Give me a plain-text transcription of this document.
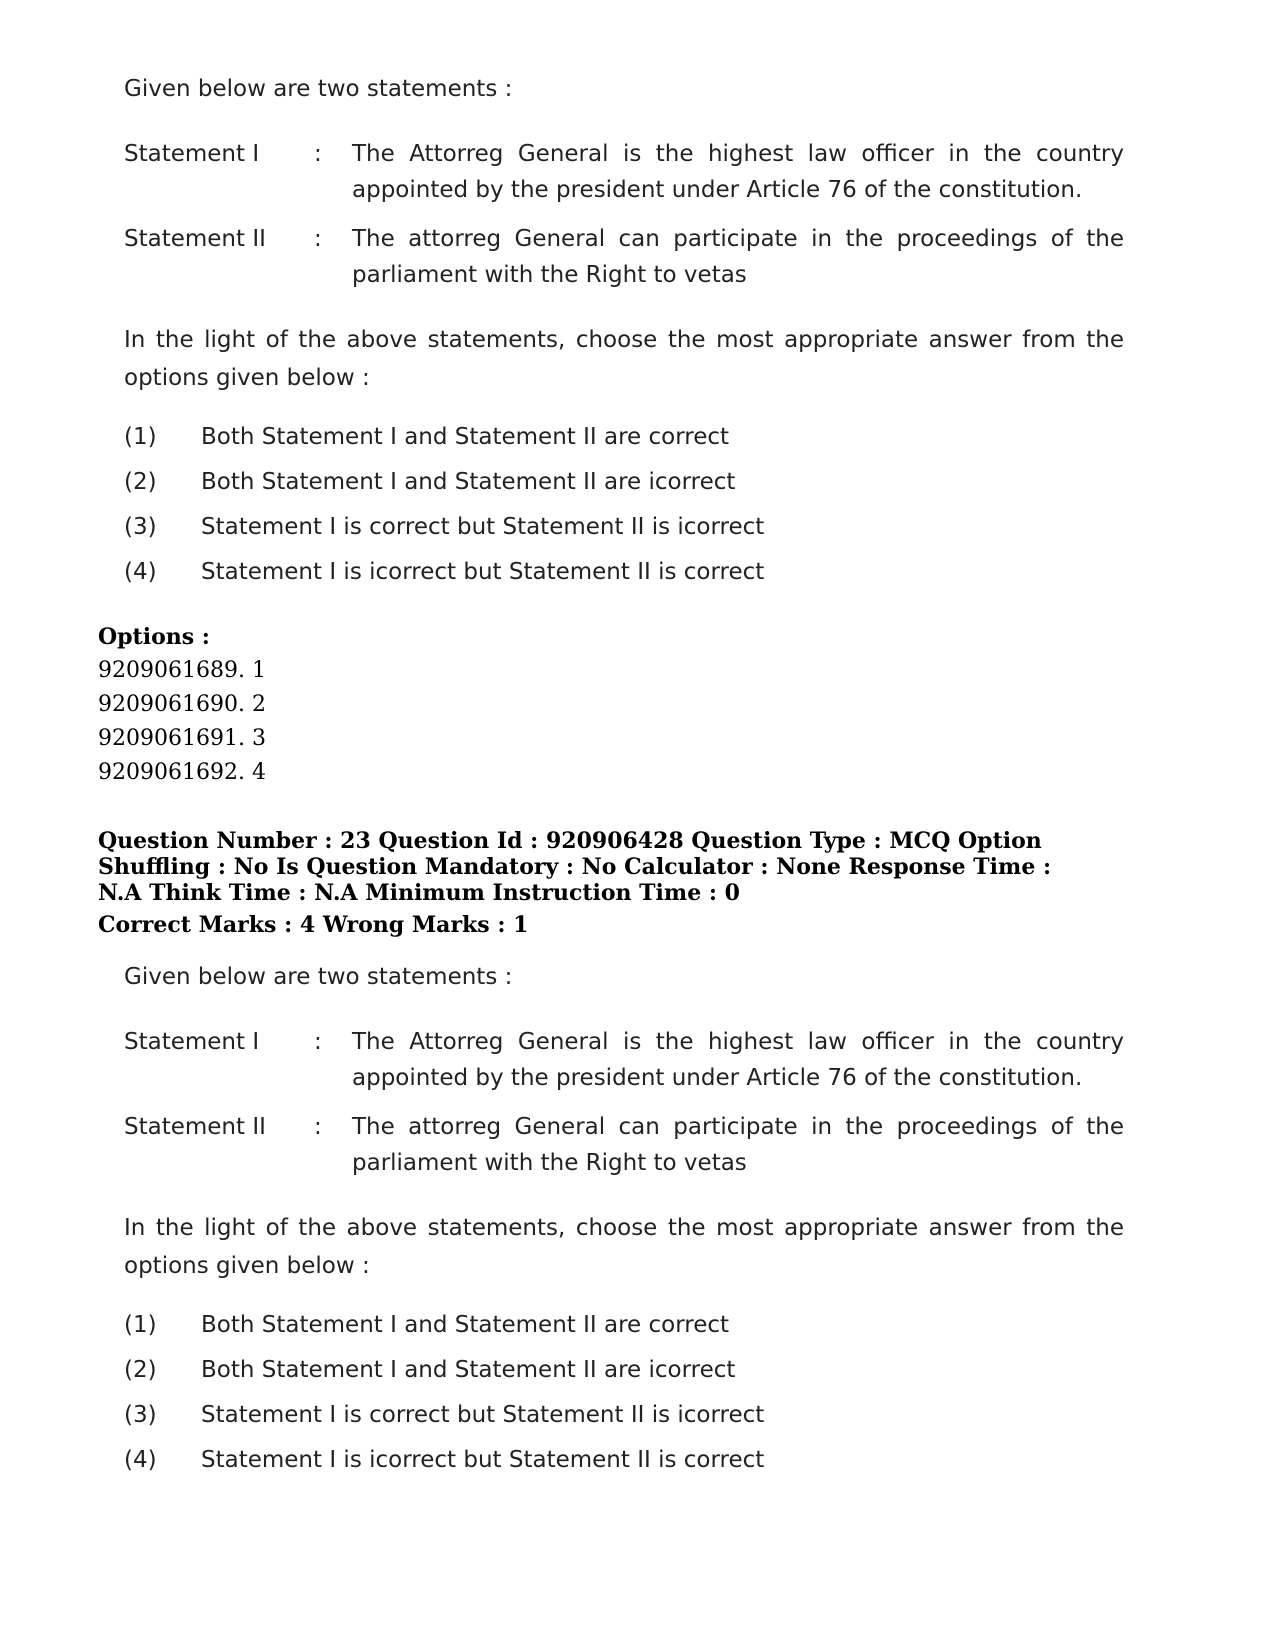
Given below are two statements :
Statement I	:	The Attorreg General is the highest law officer in the country appointed by the president under Article 76 of the constitution.
Statement II	:	The attorreg General can participate in the proceedings of the parliament with the Right to vetas
In the light of the above statements, choose the most appropriate answer from the options given below :
(1)	Both Statement I and Statement II are correct
(2)	Both Statement I and Statement II are icorrect
(3)	Statement I is correct but Statement II is icorrect
(4)	Statement I is icorrect but Statement II is correct
Options :
9209061689. 1
9209061690. 2
9209061691. 3
9209061692. 4
Question Number : 23 Question Id : 920906428 Question Type : MCQ Option Shuffling : No Is Question Mandatory : No Calculator : None Response Time : N.A Think Time : N.A Minimum Instruction Time : 0
Correct Marks : 4 Wrong Marks : 1
Given below are two statements :
Statement I	:	The Attorreg General is the highest law officer in the country appointed by the president under Article 76 of the constitution.
Statement II	:	The attorreg General can participate in the proceedings of the parliament with the Right to vetas
In the light of the above statements, choose the most appropriate answer from the options given below :
(1)	Both Statement I and Statement II are correct
(2)	Both Statement I and Statement II are icorrect
(3)	Statement I is correct but Statement II is icorrect
(4)	Statement I is icorrect but Statement II is correct
